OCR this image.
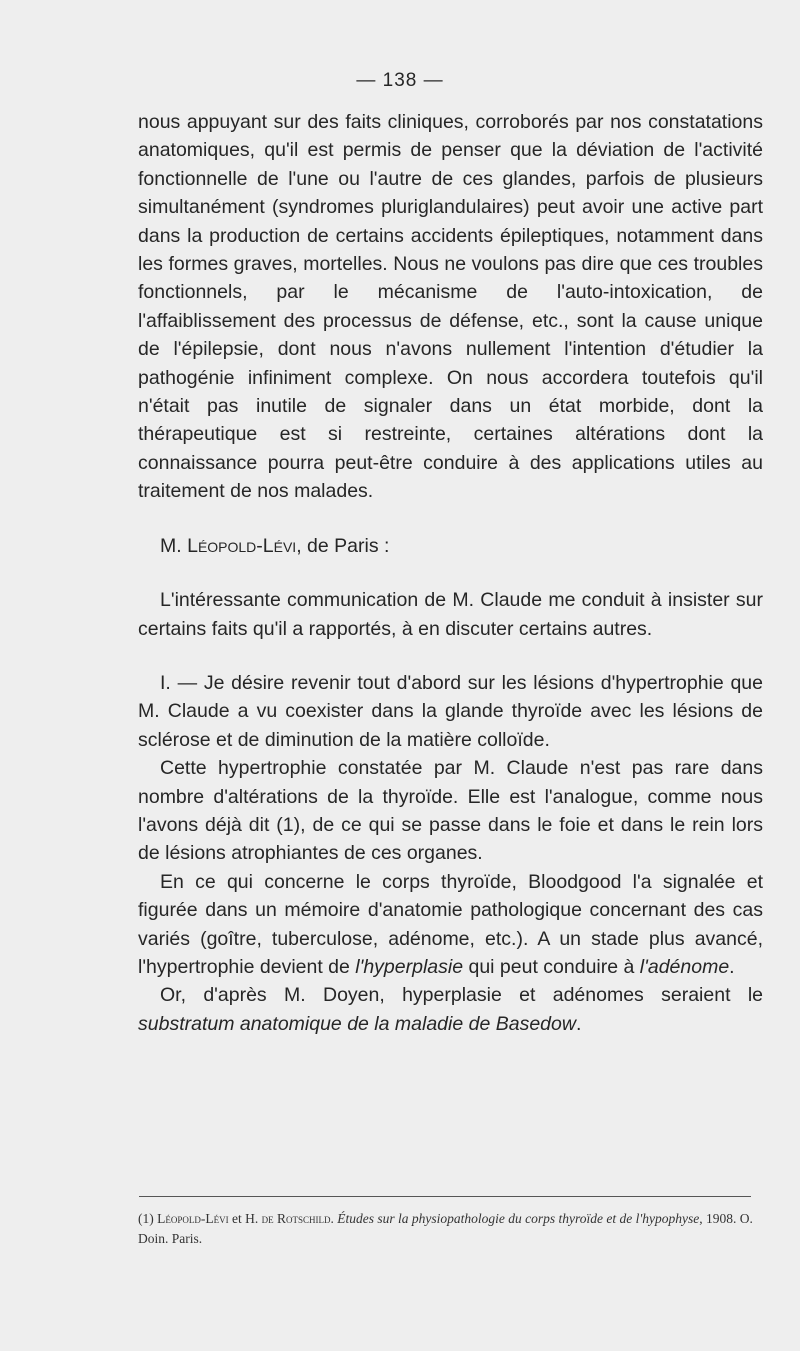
— 138 —

nous appuyant sur des faits cliniques, corroborés par nos constatations anatomiques, qu'il est permis de penser que la déviation de l'activité fonctionnelle de l'une ou l'autre de ces glandes, parfois de plusieurs simultanément (syndromes pluriglandulaires) peut avoir une active part dans la production de certains accidents épileptiques, notamment dans les formes graves, mortelles. Nous ne voulons pas dire que ces troubles fonctionnels, par le mécanisme de l'auto-intoxication, de l'affaiblissement des processus de défense, etc., sont la cause unique de l'épilepsie, dont nous n'avons nullement l'intention d'étudier la pathogénie infiniment complexe. On nous accordera toutefois qu'il n'était pas inutile de signaler dans un état morbide, dont la thérapeutique est si restreinte, certaines altérations dont la connaissance pourra peut-être conduire à des applications utiles au traitement de nos malades.

M. Léopold-Lévi, de Paris :

L'intéressante communication de M. Claude me conduit à insister sur certains faits qu'il a rapportés, à en discuter certains autres.

I. — Je désire revenir tout d'abord sur les lésions d'hypertrophie que M. Claude a vu coexister dans la glande thyroïde avec les lésions de sclérose et de diminution de la matière colloïde.

Cette hypertrophie constatée par M. Claude n'est pas rare dans nombre d'altérations de la thyroïde. Elle est l'analogue, comme nous l'avons déjà dit (1), de ce qui se passe dans le foie et dans le rein lors de lésions atrophiantes de ces organes.

En ce qui concerne le corps thyroïde, Bloodgood l'a signalée et figurée dans un mémoire d'anatomie pathologique concernant des cas variés (goître, tuberculose, adénome, etc.). A un stade plus avancé, l'hypertrophie devient de l'hyperplasie qui peut conduire à l'adénome.

Or, d'après M. Doyen, hyperplasie et adénomes seraient le substratum anatomique de la maladie de Basedow.

(1) Léopold-Lévi et H. de Rotschild. Études sur la physiopathologie du corps thyroïde et de l'hypophyse, 1908. O. Doin. Paris.
